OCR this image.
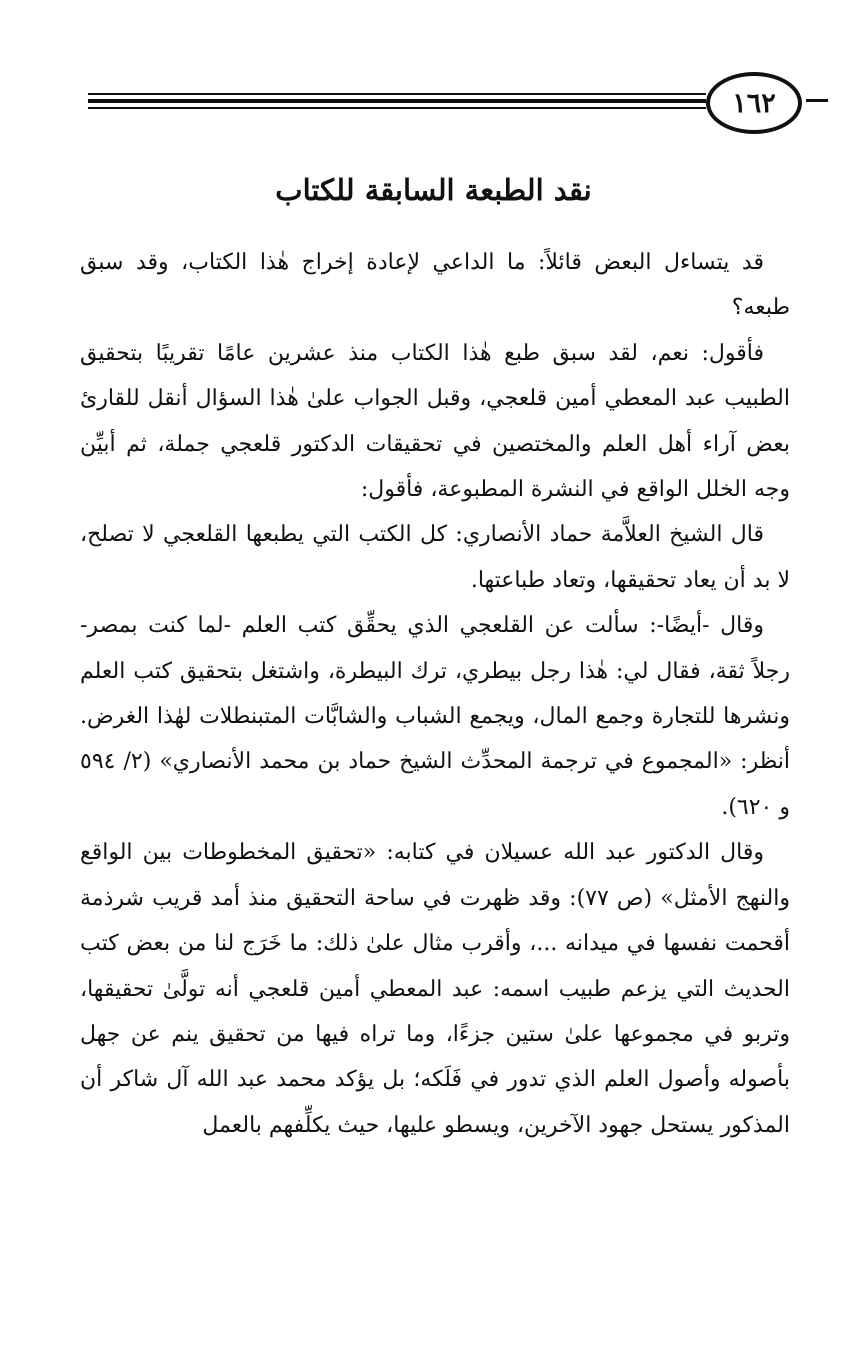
١٦٢
نقد الطبعة السابقة للكتاب

قد يتساءل البعض قائلاً: ما الداعي لإعادة إخراج هٰذا الكتاب، وقد سبق طبعه؟

فأقول: نعم، لقد سبق طبع هٰذا الكتاب منذ عشرين عامًا تقريبًا بتحقيق الطبيب عبد المعطي أمين قلعجي، وقبل الجواب علىٰ هٰذا السؤال أنقل للقارئ بعض آراء أهل العلم والمختصين في تحقيقات الدكتور قلعجي جملة، ثم أبيِّن وجه الخلل الواقع في النشرة المطبوعة، فأقول:

قال الشيخ العلاَّمة حماد الأنصاري: كل الكتب التي يطبعها القلعجي لا تصلح، لا بد أن يعاد تحقيقها، وتعاد طباعتها.

وقال -أيضًا-: سألت عن القلعجي الذي يحقِّق كتب العلم -لما كنت بمصر- رجلاً ثقة، فقال لي: هٰذا رجل بيطري، ترك البيطرة، واشتغل بتحقيق كتب العلم ونشرها للتجارة وجمع المال، ويجمع الشباب والشابَّات المتبنطلات لهٰذا الغرض. أنظر: «المجموع في ترجمة المحدِّث الشيخ حماد بن محمد الأنصاري» (٢/ ٥٩٤ و ٦٢٠).

وقال الدكتور عبد الله عسيلان في كتابه: «تحقيق المخطوطات بين الواقع والنهج الأمثل» (ص ٧٧): وقد ظهرت في ساحة التحقيق منذ أمد قريب شرذمة أقحمت نفسها في ميدانه ...، وأقرب مثال علىٰ ذلك: ما خَرَج لنا من بعض كتب الحديث التي يزعم طبيب اسمه: عبد المعطي أمين قلعجي أنه تولَّىٰ تحقيقها، وتربو في مجموعها علىٰ ستين جزءًا، وما تراه فيها من تحقيق ينم عن جهل بأصوله وأصول العلم الذي تدور في فَلَكه؛ بل يؤكد محمد عبد الله آل شاكر أن المذكور يستحل جهود الآخرين، ويسطو عليها، حيث يكلِّفهم بالعمل
